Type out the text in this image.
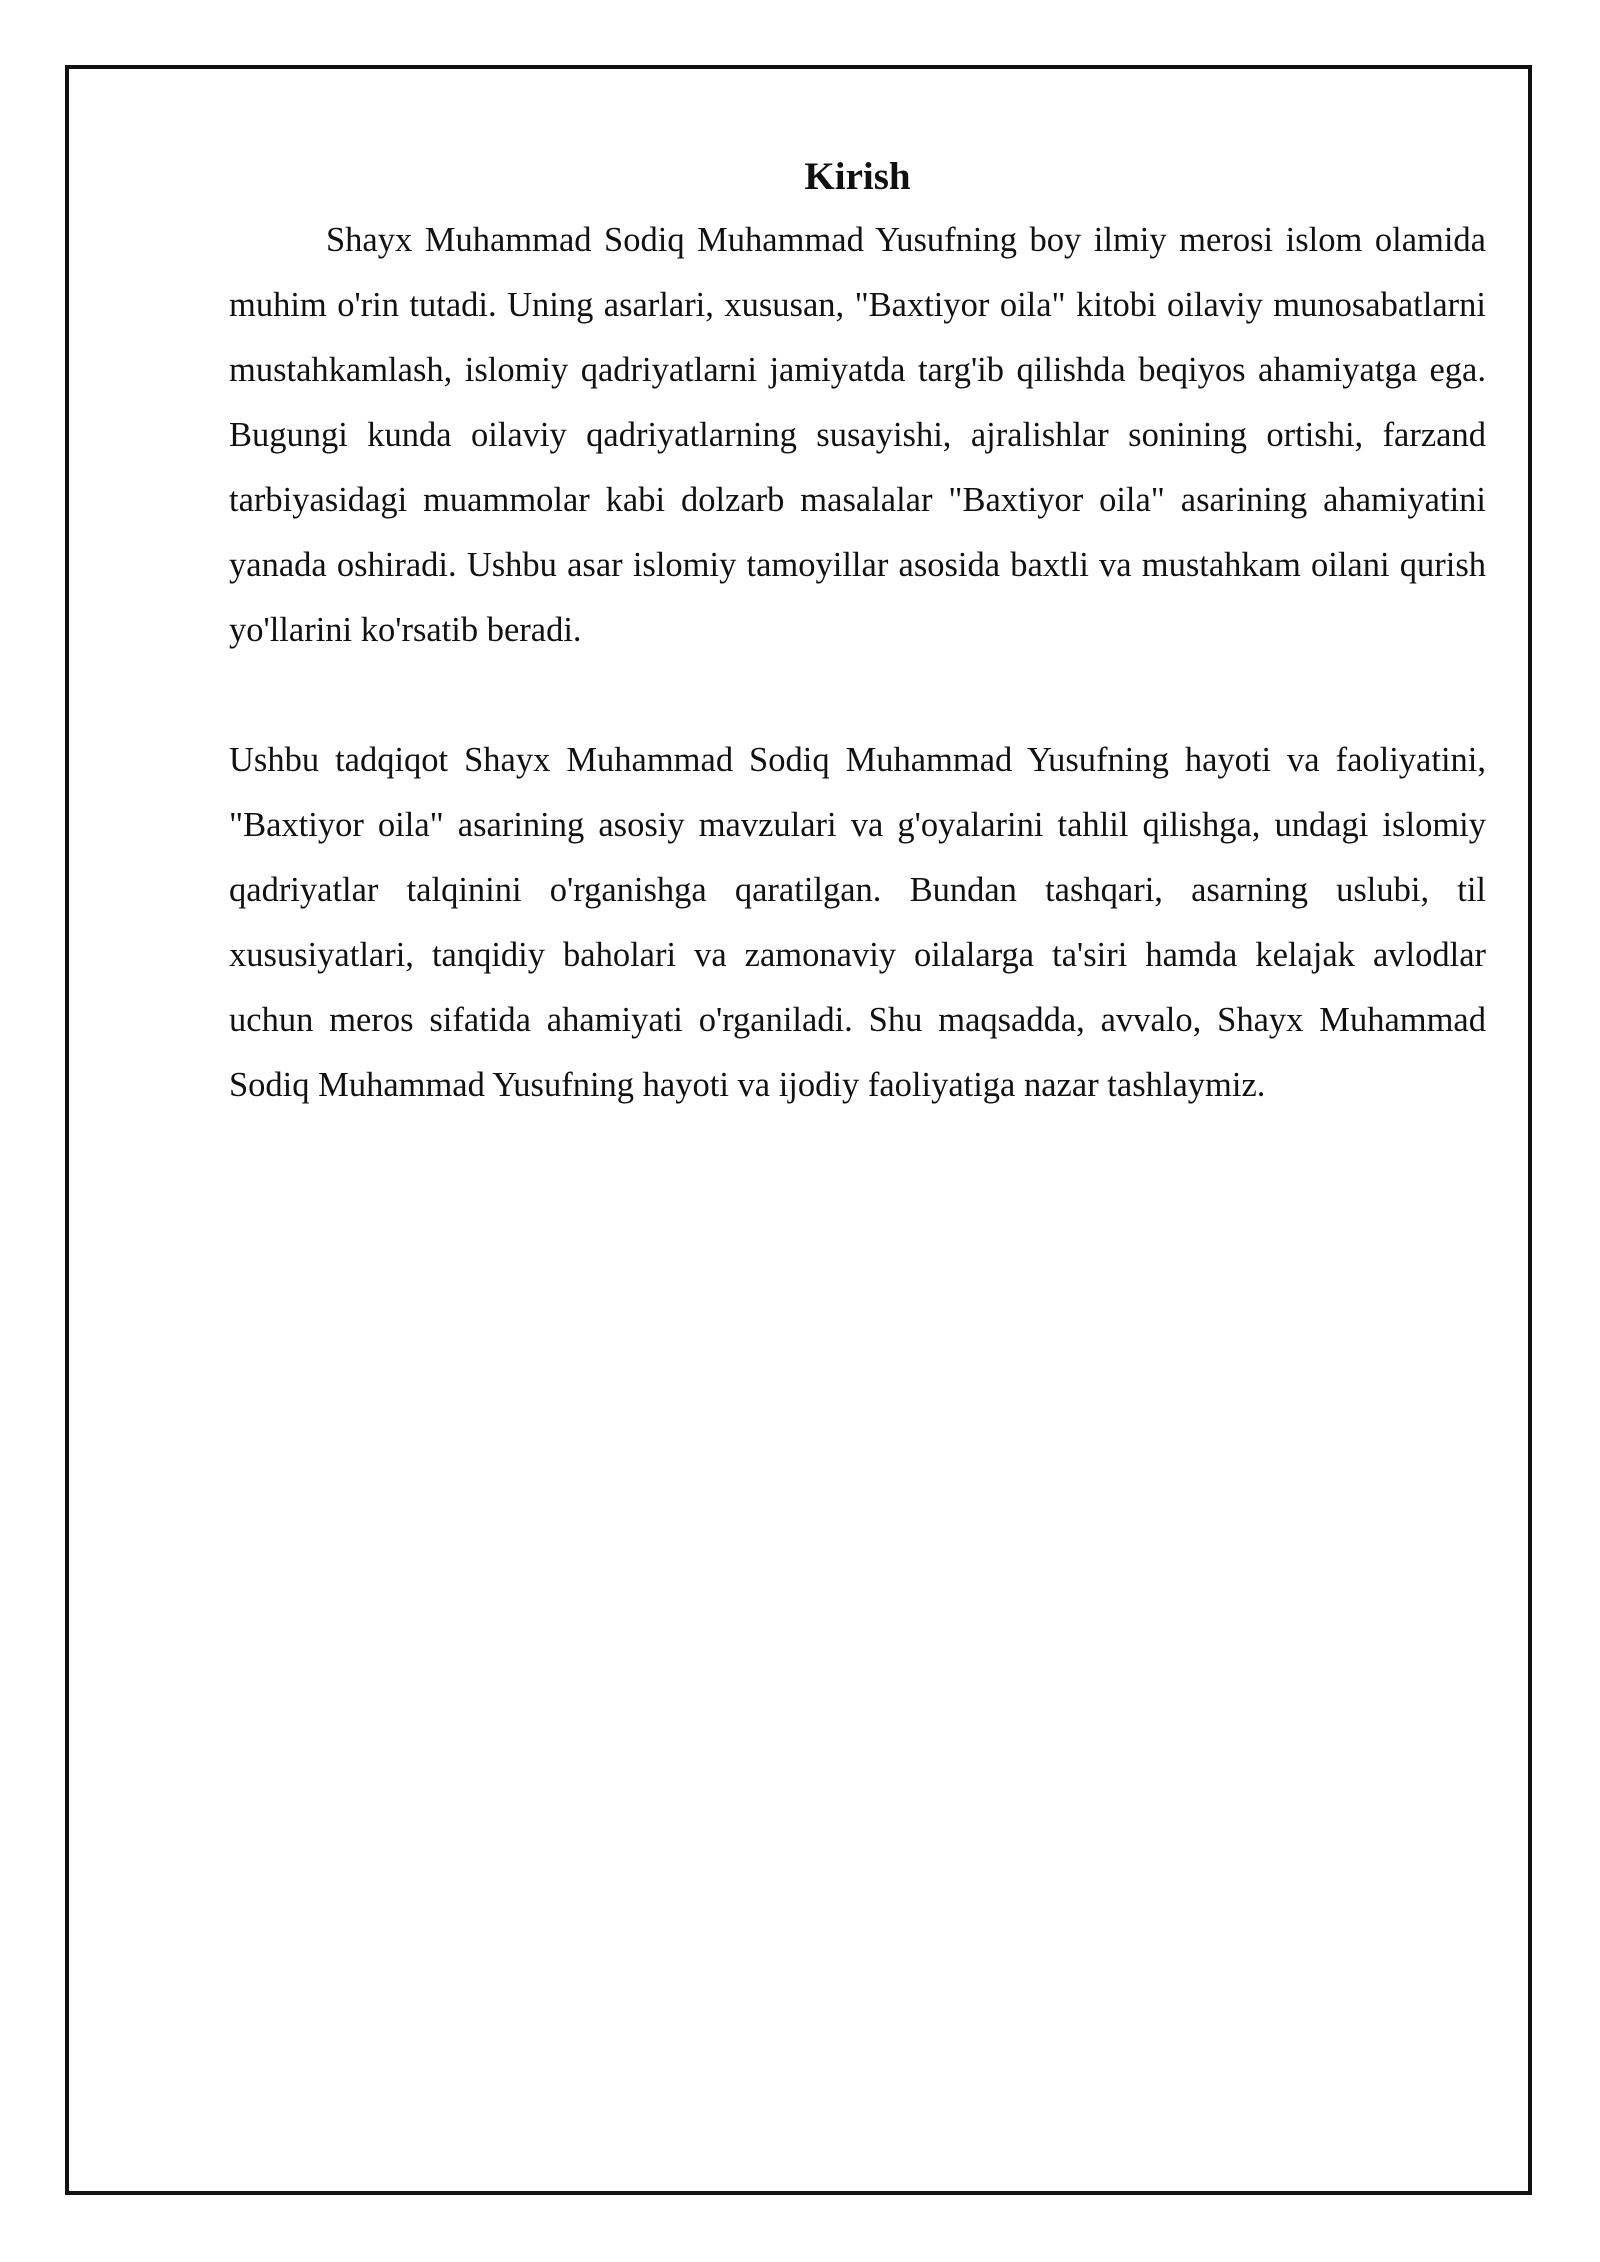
Kirish

Shayx Muhammad Sodiq Muhammad Yusufning boy ilmiy merosi islom olamida muhim o'rin tutadi. Uning asarlari, xususan, "Baxtiyor oila" kitobi oilaviy munosabatlarni mustahkamlash, islomiy qadriyatlarni jamiyatda targ'ib qilishda beqiyos ahamiyatga ega. Bugungi kunda oilaviy qadriyatlarning susayishi, ajralishlar sonining ortishi, farzand tarbiyasidagi muammolar kabi dolzarb masalalar "Baxtiyor oila" asarining ahamiyatini yanada oshiradi. Ushbu asar islomiy tamoyillar asosida baxtli va mustahkam oilani qurish yo'llarini ko'rsatib beradi.

Ushbu tadqiqot Shayx Muhammad Sodiq Muhammad Yusufning hayoti va faoliyatini, "Baxtiyor oila" asarining asosiy mavzulari va g'oyalarini tahlil qilishga, undagi islomiy qadriyatlar talqinini o'rganishga qaratilgan. Bundan tashqari, asarning uslubi, til xususiyatlari, tanqidiy baholari va zamonaviy oilalarga ta'siri hamda kelajak avlodlar uchun meros sifatida ahamiyati o'rganiladi. Shu maqsadda, avvalo, Shayx Muhammad Sodiq Muhammad Yusufning hayoti va ijodiy faoliyatiga nazar tashlaymiz.
